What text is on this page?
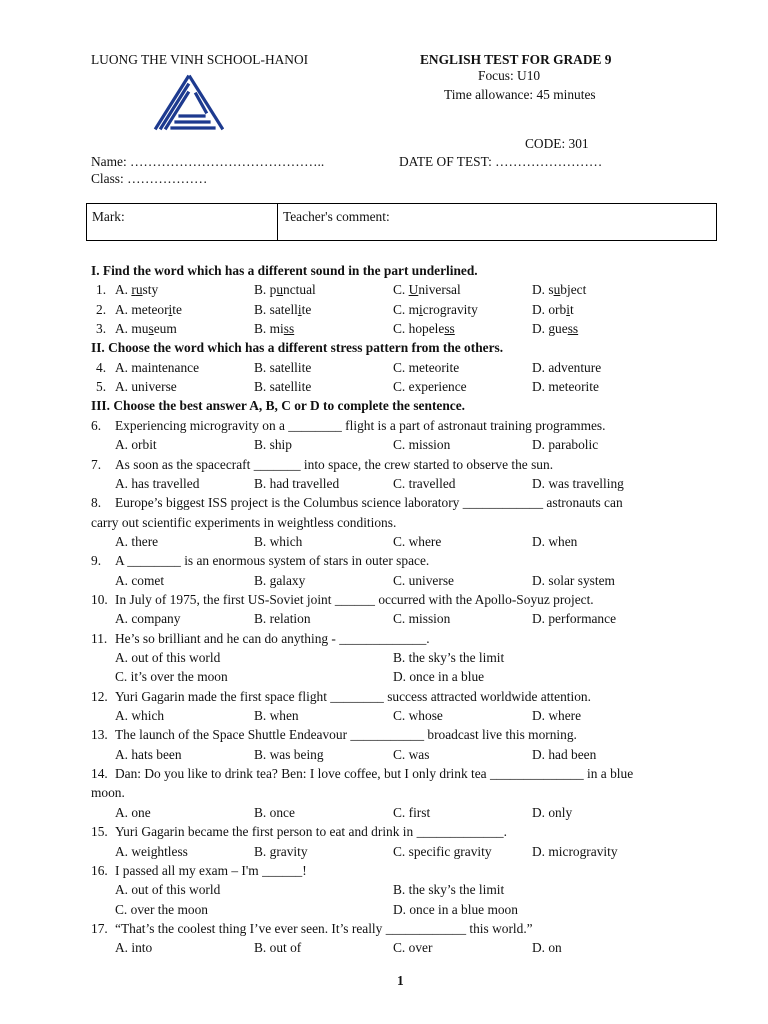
LUONG THE VINH SCHOOL-HANOI	ENGLISH TEST FOR GRADE 9
Focus: U10
Time allowance: 45 minutes
CODE: 301
Name: ……………………………………..	DATE OF TEST: ……………………
Class: ………………
Mark:	Teacher's comment:
I. Find the word which has a different sound in the part underlined.
1. A. rusty	B. punctual	C. Universal	D. subject
2. A. meteorite	B. satellite	C. microgravity	D. orbit
3. A. museum	B. miss	C. hopeless	D. guess
II. Choose the word which has a different stress pattern from the others.
4. A. maintenance	B. satellite	C. meteorite	D. adventure
5. A. universe	B. satellite	C. experience	D. meteorite
III. Choose the best answer A, B, C or D to complete the sentence.
6. Experiencing microgravity on a ________ flight is a part of astronaut training programmes.
A. orbit	B. ship	C. mission	D. parabolic
7. As soon as the spacecraft _______ into space, the crew started to observe the sun.
A. has travelled	B. had travelled	C. travelled	D. was travelling
8. Europe’s biggest ISS project is the Columbus science laboratory ____________ astronauts can
carry out scientific experiments in weightless conditions.
A. there	B. which	C. where	D. when
9. A ________ is an enormous system of stars in outer space.
A. comet	B. galaxy	C. universe	D. solar system
10. In July of 1975, the first US-Soviet joint ______ occurred with the Apollo-Soyuz project.
A. company	B. relation	C. mission	D. performance
11. He’s so brilliant and he can do anything - _____________.
A. out of this world	B. the sky’s the limit
C. it’s over the moon	D. once in a blue
12. Yuri Gagarin made the first space flight ________ success attracted worldwide attention.
A. which	B. when	C. whose	D. where
13. The launch of the Space Shuttle Endeavour ___________ broadcast live this morning.
A. hats been	B. was being	C. was	D. had been
14. Dan: Do you like to drink tea? Ben: I love coffee, but I only drink tea ______________ in a blue
moon.
A. one	B. once	C. first	D. only
15. Yuri Gagarin became the first person to eat and drink in _____________.
A. weightless	B. gravity	C. specific gravity	D. microgravity
16. I passed all my exam – I'm ______!
A. out of this world	B. the sky’s the limit
C. over the moon	D. once in a blue moon
17. “That’s the coolest thing I’ve ever seen. It’s really ____________ this world.”
A. into	B. out of	C. over	D. on
1
